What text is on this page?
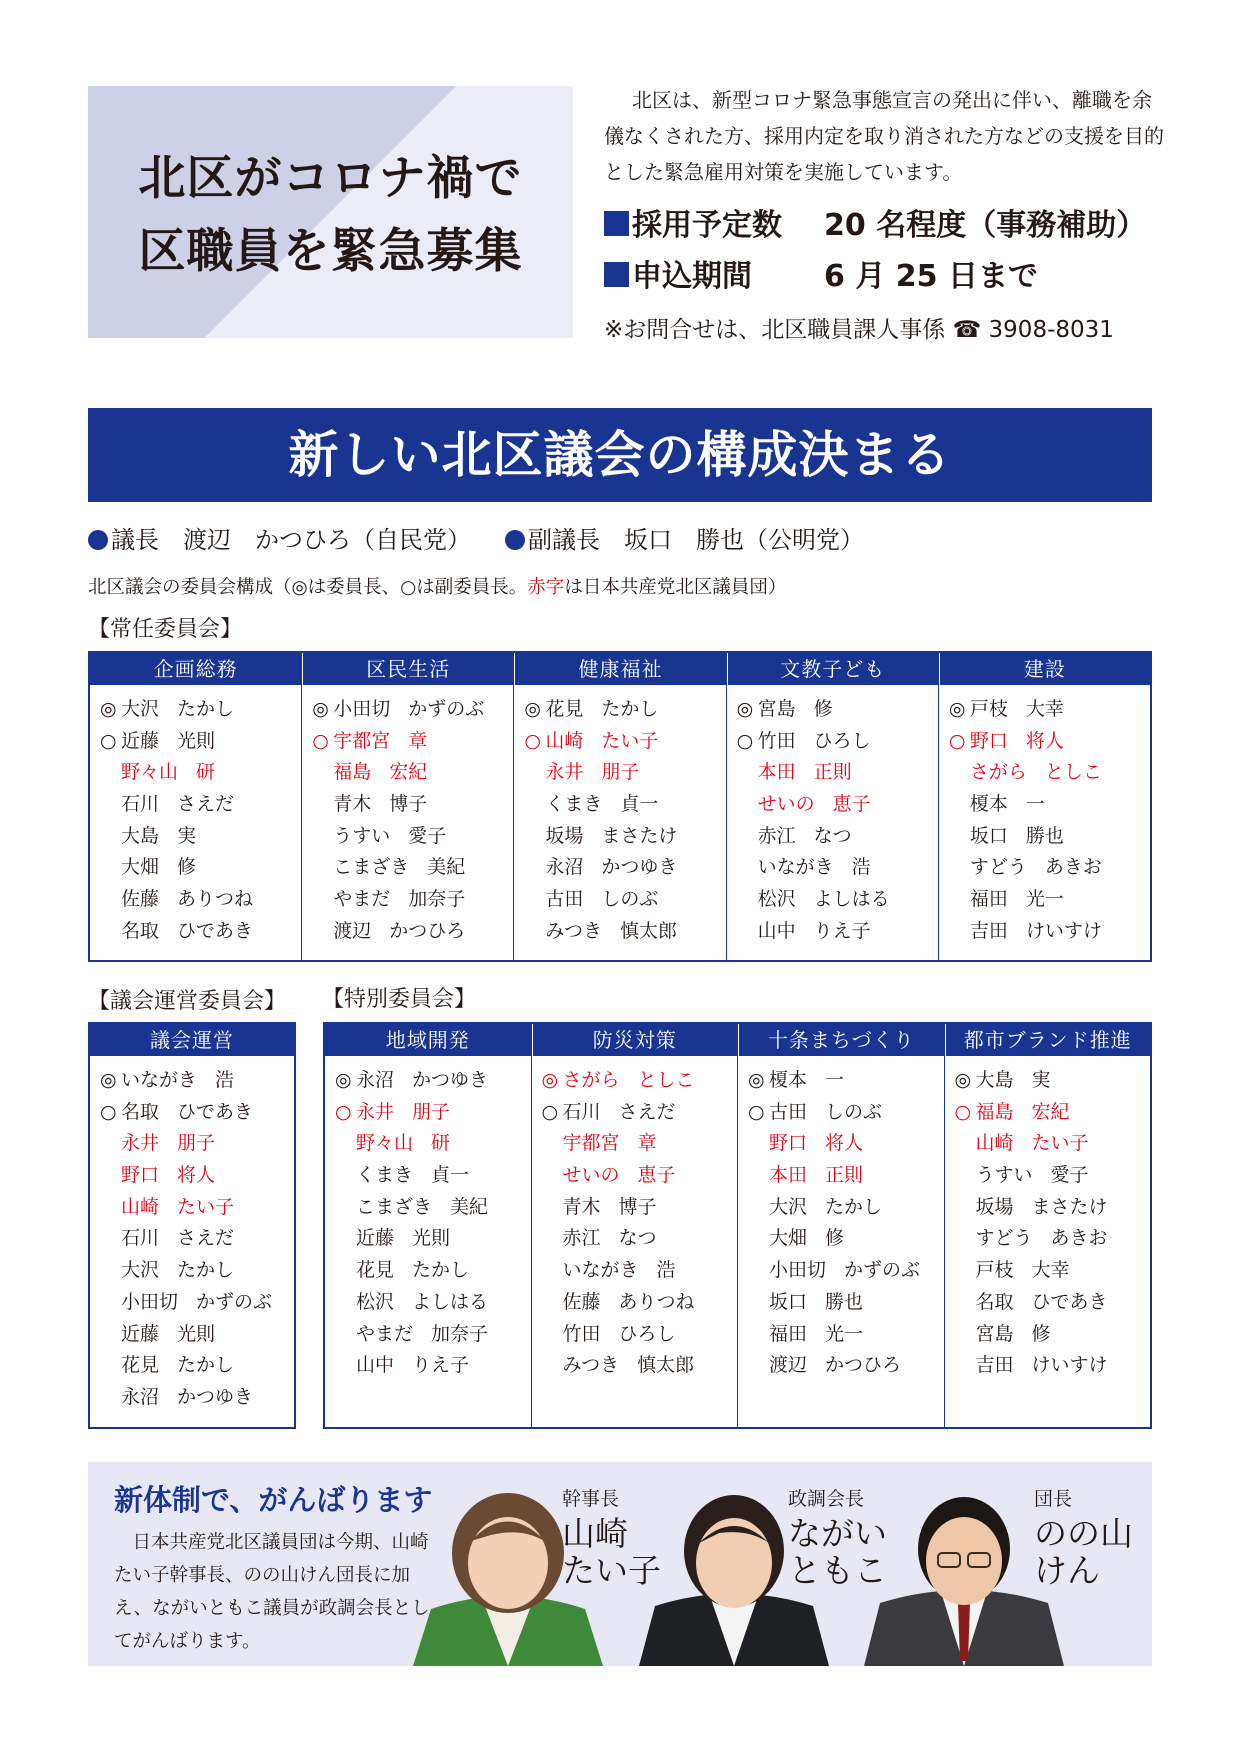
北区がコロナ禍で
区職員を緊急募集

北区は、新型コロナ緊急事態宣言の発出に伴い、離職を余儀なくされた方、採用内定を取り消された方などの支援を目的とした緊急雇用対策を実施しています。

採用予定数 20 名程度（事務補助）
申込期間 6 月 25 日まで
※お問合せは、北区職員課人事係 ☎ 3908-8031
新しい北区議会の構成決まる
議長　渡辺　かつひろ（自民党）	副議長　坂口　勝也（公明党）
北区議会の委員会構成（◎は委員長、○は副委員長。赤字は日本共産党北区議員団）
【常任委員会】
企画総務
◎ 大沢 たかし
○ 近藤 光則
野々山 研
石川 さえだ
大島 実
大畑 修
佐藤 ありつね
名取 ひであき
区民生活
◎ 小田切 かずのぶ
○ 宇都宮 章
福島 宏紀
青木 博子
うすい 愛子
こまざき 美紀
やまだ 加奈子
渡辺 かつひろ
健康福祉
◎ 花見 たかし
○ 山崎 たい子
永井 朋子
くまき 貞一
坂場 まさたけ
永沼 かつゆき
古田 しのぶ
みつき 慎太郎
文教子ども
◎ 宮島 修
○ 竹田 ひろし
本田 正則
せいの 恵子
赤江 なつ
いながき 浩
松沢 よしはる
山中 りえ子
建設
◎ 戸枝 大幸
○ 野口 将人
さがら としこ
榎本 一
坂口 勝也
すどう あきお
福田 光一
吉田 けいすけ
【議会運営委員会】 【特別委員会】
議会運営
◎ いながき 浩
○ 名取 ひであき
永井 朋子
野口 将人
山崎 たい子
石川 さえだ
大沢 たかし
小田切 かずのぶ
近藤 光則
花見 たかし
永沼 かつゆき
地域開発
◎ 永沼 かつゆき
○ 永井 朋子
野々山 研
くまき 貞一
こまざき 美紀
近藤 光則
花見 たかし
松沢 よしはる
やまだ 加奈子
山中 りえ子
防災対策
◎ さがら としこ
○ 石川 さえだ
宇都宮 章
せいの 恵子
青木 博子
赤江 なつ
いながき 浩
佐藤 ありつね
竹田 ひろし
みつき 慎太郎
十条まちづくり
◎ 榎本 一
○ 古田 しのぶ
野口 将人
本田 正則
大沢 たかし
大畑 修
小田切 かずのぶ
坂口 勝也
福田 光一
渡辺 かつひろ
都市ブランド推進
◎ 大島 実
○ 福島 宏紀
山崎 たい子
うすい 愛子
坂場 まさたけ
すどう あきお
戸枝 大幸
名取 ひであき
宮島 修
吉田 けいすけ
新体制で、がんばります

日本共産党北区議員団は今期、山崎たい子幹事長、のの山けん団長に加え、ながいともこ議員が政調会長としてがんばります。

幹事長
山崎
たい子
政調会長
ながい
ともこ
団長
のの山
けん
